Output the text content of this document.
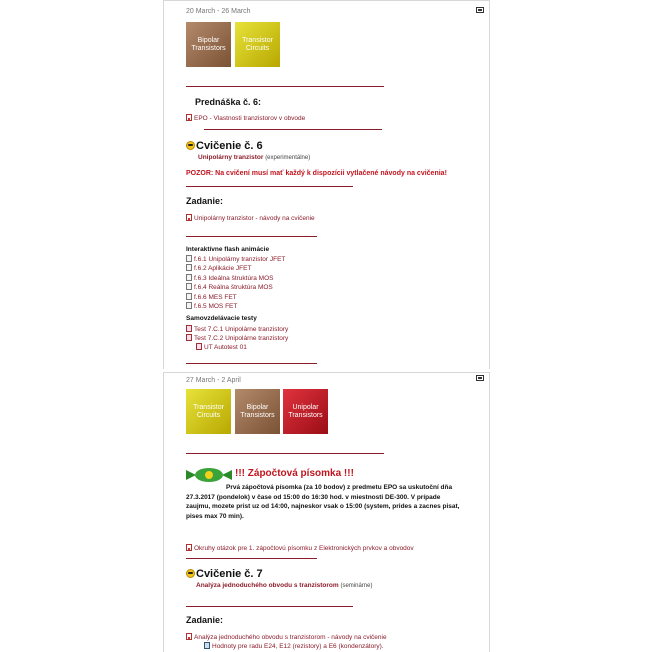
20 March - 26 March
Bipolar Transistors
Transistor Circuits
Prednáška č. 6:
EPO - Vlastnosti tranzistorov v obvode
Cvičenie č. 6
Unipolárny tranzistor (experimentálne)
POZOR: Na cvičení musí mať každý k dispozícii vytlačené návody na cvičenia!
Zadanie:
Unipolárny tranzistor - návody na cvičenie
Interaktívne flash animácie
f.6.1 Unipolárny tranzistor JFET
f.6.2 Aplikácie JFET
f.6.3 Ideálna štruktúra MOS
f.6.4 Reálna štruktúra MOS
f.6.6 MES FET
f.6.5 MOS FET
Samovzdelávacie testy
Test 7.C.1 Unipolárne tranzistory
Test 7.C.2 Unipolárne tranzistory
UT Autotest 01
27 March - 2 April
Transistor Circuits
Bipolar Transistors
Unipolar Transistors
!!! Zápočtová písomka !!!
Prvá zápočtová písomka (za 10 bodov) z predmetu EPO sa uskutoční dňa 27.3.2017 (pondelok) v čase od 15:00 do 16:30 hod. v miestnosti DE-300. V prípade zaujmu, mozete prist uz od 14:00, najneskor vsak o 15:00 (system, prides a zacnes pisat, pises max 70 min).
Okruhy otázok pre 1. zápočtovú písomku z Elektronických prvkov a obvodov
Cvičenie č. 7
Analýza jednoduchého obvodu s tranzistorom (seminárne)
Zadanie:
Analýza jednoduchého obvodu s tranzistorom - návody na cvičenie
Hodnoty pre radu E24, E12 (rezistory) a E6 (kondenzátory).
